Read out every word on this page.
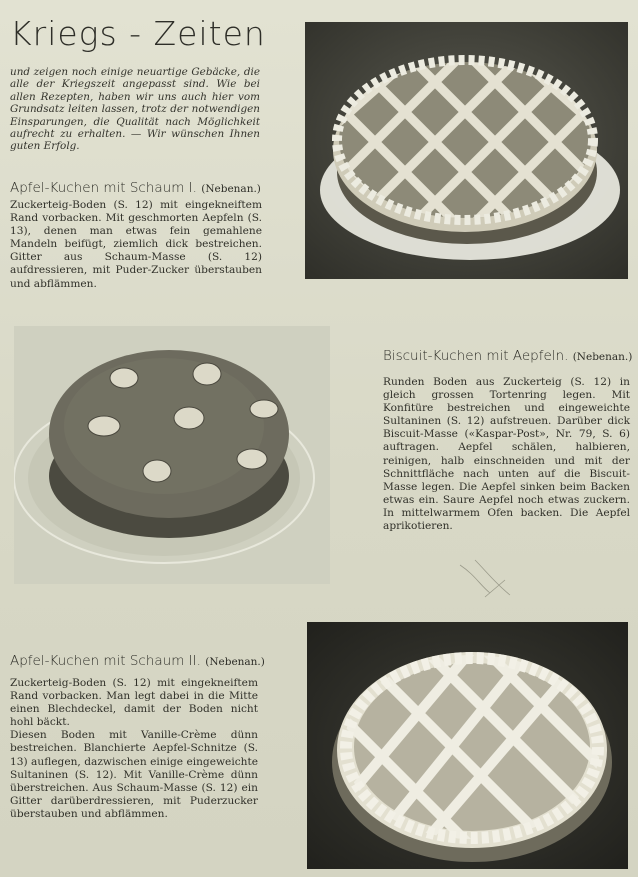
Kriegs - Zeiten
und zeigen noch einige neuartige Gebäcke, die alle der Kriegszeit angepasst sind. Wie bei allen Rezepten, haben wir uns auch hier vom Grundsatz leiten lassen, trotz der notwendigen Einsparungen, die Qualität nach Möglichkeit aufrecht zu erhalten. — Wir wünschen Ihnen guten Erfolg.
Apfel-Kuchen mit Schaum I. (Nebenan.)
Zuckerteig-Boden (S. 12) mit eingekneiftem Rand vorbacken. Mit geschmorten Aepfeln (S. 13), denen man etwas fein gemahlene Mandeln beifügt, ziemlich dick bestreichen. Gitter aus Schaum-Masse (S. 12) aufdressieren, mit Puder-Zucker überstauben und abflämmen.
Biscuit-Kuchen mit Aepfeln. (Nebenan.)
Runden Boden aus Zuckerteig (S. 12) in gleich grossen Tortenring legen. Mit Konfitüre bestreichen und eingeweichte Sultaninen (S. 12) aufstreuen. Darüber dick Biscuit-Masse («Kaspar-Post», Nr. 79, S. 6) auftragen. Aepfel schälen, halbieren, reinigen, halb einschneiden und mit der Schnittfläche nach unten auf die Biscuit-Masse legen. Die Aepfel sinken beim Backen etwas ein. Saure Aepfel noch etwas zuckern. In mittelwarmem Ofen backen. Die Aepfel aprikotieren.
Apfel-Kuchen mit Schaum II. (Nebenan.)

Zuckerteig-Boden (S. 12) mit eingekneiftem Rand vorbacken. Man legt dabei in die Mitte einen Blechdeckel, damit der Boden nicht hohl bäckt.

Diesen Boden mit Vanille-Crème dünn bestreichen. Blanchierte Aepfel-Schnitze (S. 13) auflegen, dazwischen einige eingeweichte Sultaninen (S. 12). Mit Vanille-Crème dünn überstreichen. Aus Schaum-Masse (S. 12) ein Gitter darüberdressieren, mit Puderzucker überstauben und abflämmen.
